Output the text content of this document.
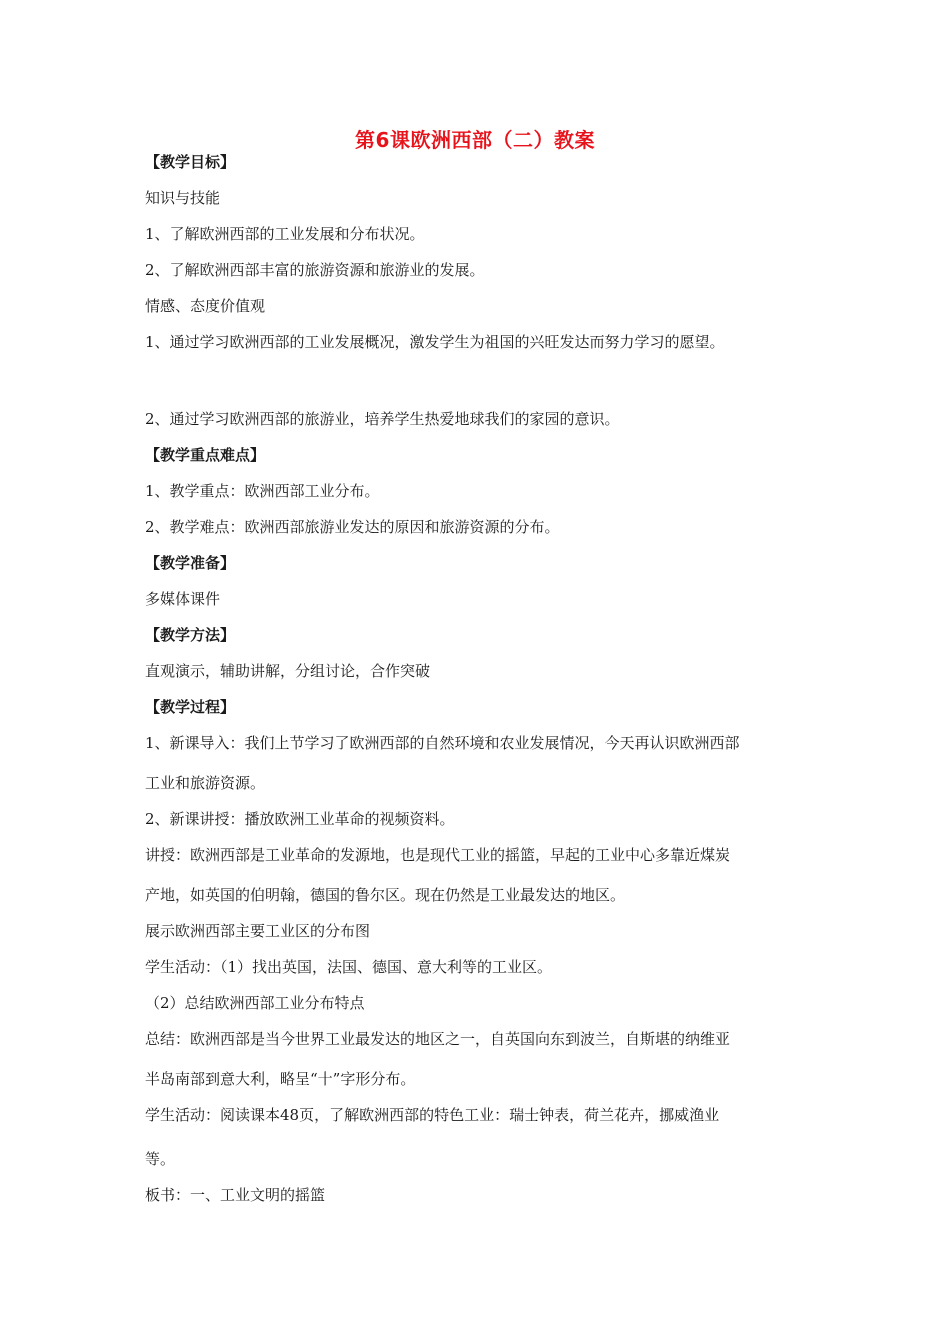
第6课欧洲西部（二）教案
【教学目标】
知识与技能
1、了解欧洲西部的工业发展和分布状况。
2、了解欧洲西部丰富的旅游资源和旅游业的发展。
情感、态度价值观
1、通过学习欧洲西部的工业发展概况，激发学生为祖国的兴旺发达而努力学习的愿望。
2、通过学习欧洲西部的旅游业，培养学生热爱地球我们的家园的意识。
【教学重点难点】
1、教学重点：欧洲西部工业分布。
2、教学难点：欧洲西部旅游业发达的原因和旅游资源的分布。
【教学准备】
多媒体课件
【教学方法】
直观演示，辅助讲解，分组讨论，合作突破
【教学过程】
1、新课导入：我们上节学习了欧洲西部的自然环境和农业发展情况，今天再认识欧洲西部
工业和旅游资源。
2、新课讲授：播放欧洲工业革命的视频资料。
讲授：欧洲西部是工业革命的发源地，也是现代工业的摇篮，早起的工业中心多靠近煤炭
产地，如英国的伯明翰，德国的鲁尔区。现在仍然是工业最发达的地区。
展示欧洲西部主要工业区的分布图
学生活动：（1）找出英国，法国、德国、意大利等的工业区。
（2）总结欧洲西部工业分布特点
总结：欧洲西部是当今世界工业最发达的地区之一，自英国向东到波兰，自斯堪的纳维亚
半岛南部到意大利，略呈“十”字形分布。
学生活动：阅读课本48页，了解欧洲西部的特色工业：瑞士钟表，荷兰花卉，挪威渔业
等。
板书：一、工业文明的摇篮
